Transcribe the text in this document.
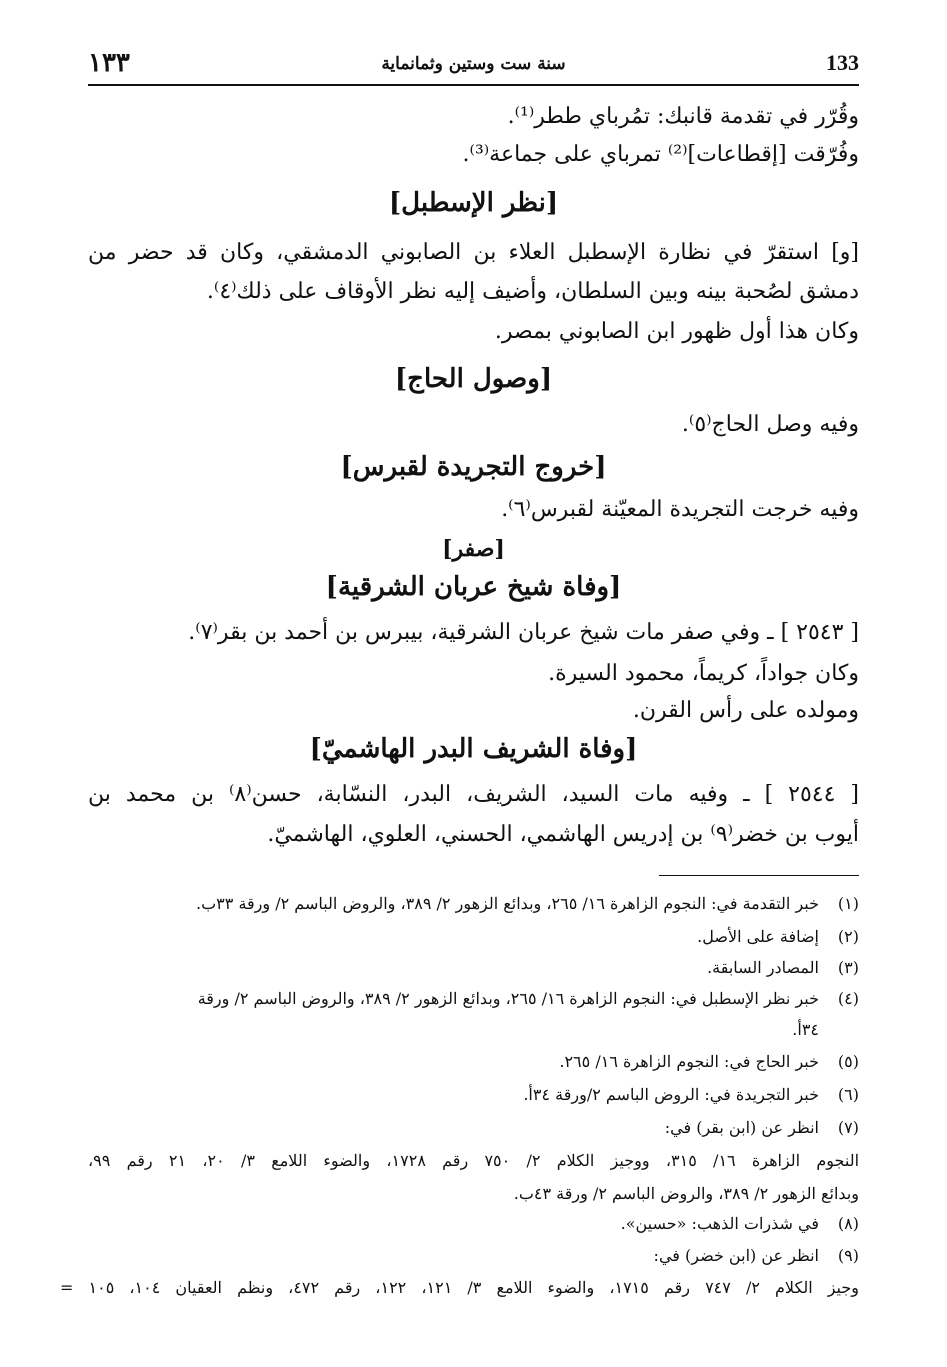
١٣٣	سنة ست وستين وثمانماية	133
وقُرّر في تقدمة قانبك: تمُرباي ططر⁽¹⁾.
وفُرّقت [إقطاعات]⁽²⁾ تمرباي على جماعة⁽³⁾.
[نظر الإسطبل]
[و] استقرّ في نظارة الإسطبل العلاء بن الصابوني الدمشقي، وكان قد حضر من
دمشق لصُحبة بينه وبين السلطان، وأضيف إليه نظر الأوقاف على ذلك⁽٤⁾.
وكان هذا أول ظهور ابن الصابوني بمصر.
[وصول الحاج]
وفيه وصل الحاج⁽٥⁾.
[خروج التجريدة لقبرس]
وفيه خرجت التجريدة المعيّنة لقبرس⁽٦⁾.
[صفر]
[وفاة شيخ عربان الشرقية]
[ ٢٥٤٣ ] ـ وفي صفر مات شيخ عربان الشرقية، بيبرس بن أحمد بن بقر⁽٧⁾.
وكان جواداً، كريماً، محمود السيرة.
ومولده على رأس القرن.
[وفاة الشريف البدر الهاشميّ]
[ ٢٥٤٤ ] ـ وفيه مات السيد، الشريف، البدر، النسّابة، حسن⁽٨⁾ بن محمد بن
أيوب بن خضر⁽٩⁾ بن إدريس الهاشمي، الحسني، العلوي، الهاشميّ.
(١)خبر التقدمة في: النجوم الزاهرة ١٦/ ٢٦٥، وبدائع الزهور ٢/ ٣٨٩، والروض الباسم ٢/ ورقة ٣٣ب.
(٢)إضافة على الأصل.
(٣)المصادر السابقة.
(٤)خبر نظر الإسطبل في: النجوم الزاهرة ١٦/ ٢٦٥، وبدائع الزهور ٢/ ٣٨٩، والروض الباسم ٢/ ورقة
٣٤أ.
(٥)خبر الحاج في: النجوم الزاهرة ١٦/ ٢٦٥.
(٦)خبر التجريدة في: الروض الباسم ٢/ورقة ٣٤أ.
(٧)انظر عن (ابن بقر) في:
النجوم الزاهرة ١٦/ ٣١٥، ووجيز الكلام ٢/ ٧٥٠ رقم ١٧٢٨، والضوء اللامع ٣/ ٢٠، ٢١ رقم ٩٩،
وبدائع الزهور ٢/ ٣٨٩، والروض الباسم ٢/ ورقة ٤٣ب.
(٨)في شذرات الذهب: «حسين».
(٩)انظر عن (ابن خضر) في:
وجيز الكلام ٢/ ٧٤٧ رقم ١٧١٥، والضوء اللامع ٣/ ١٢١، ١٢٢، رقم ٤٧٢، ونظم العقيان ١٠٤، ١٠٥ =
